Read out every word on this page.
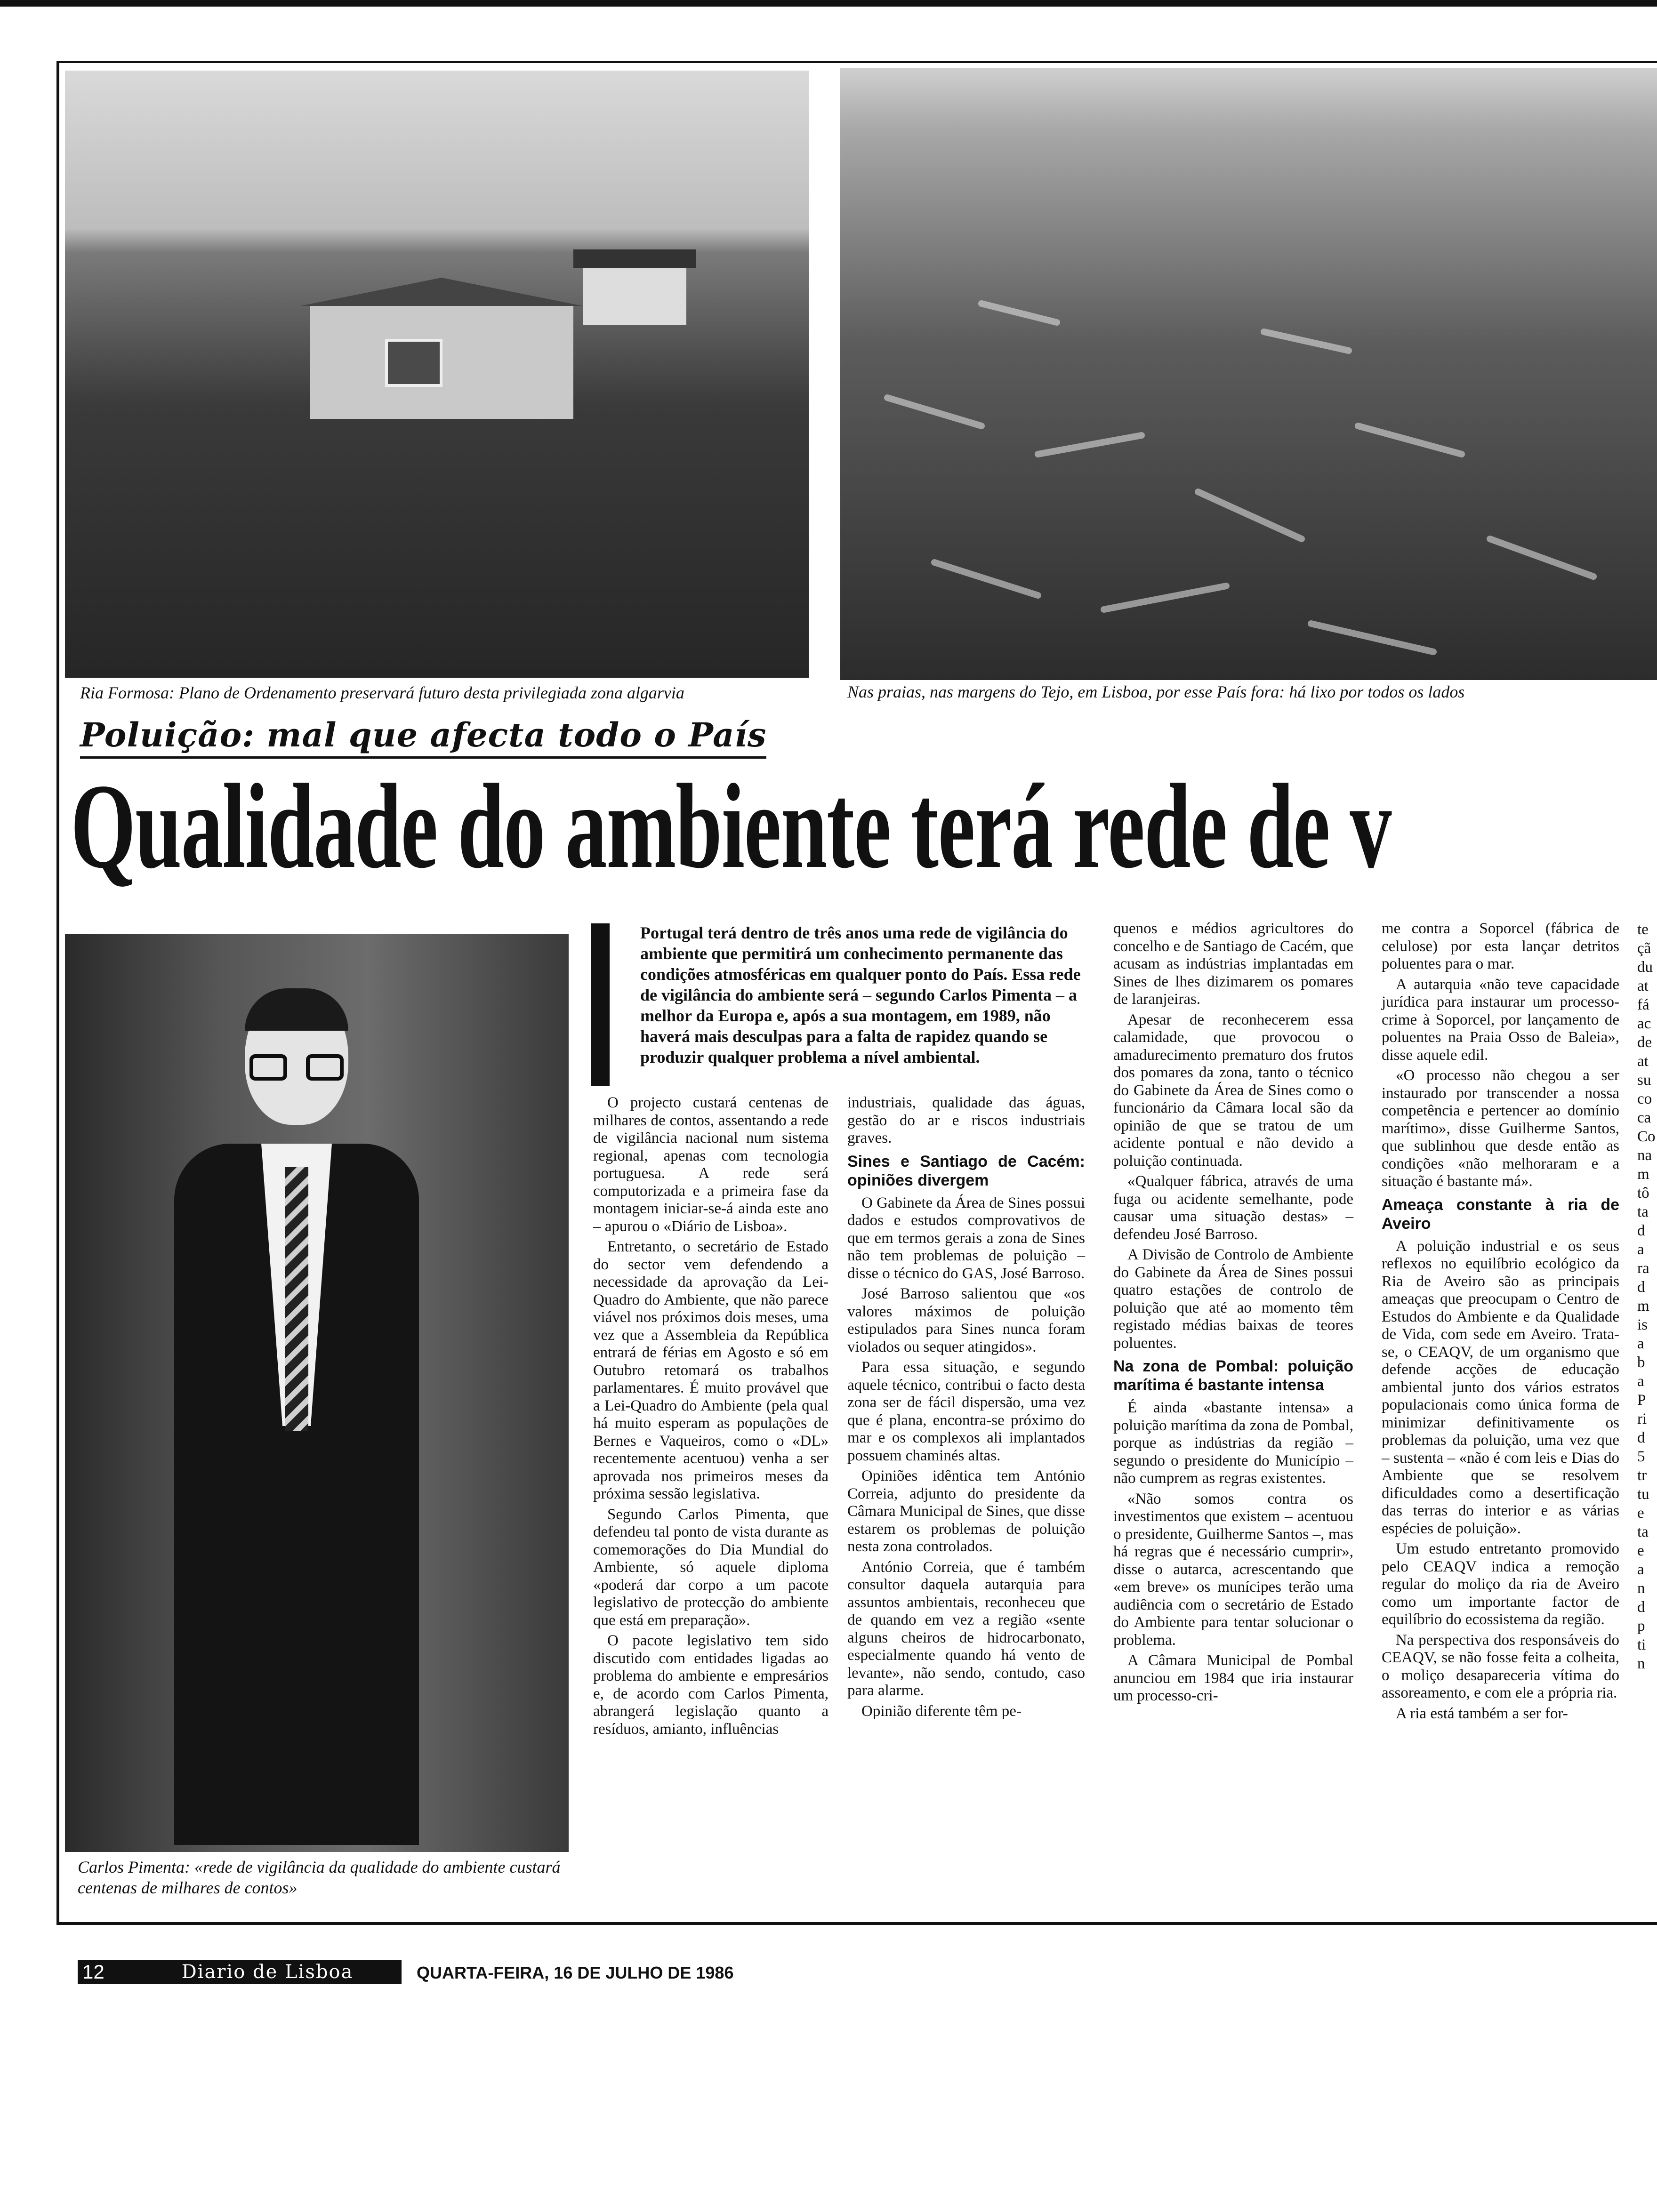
Ria Formosa: Plano de Ordenamento preservará futuro desta privilegiada zona algarvia	Nas praias, nas margens do Tejo, em Lisboa, por esse País fora: há lixo por todos os lados
Poluição: mal que afecta todo o País
Qualidade do ambiente terá rede de v
Carlos Pimenta: «rede de vigilância da qualidade do ambiente custará centenas de milhares de contos»
Portugal terá dentro de três anos uma rede de vigilância do ambiente que permitirá um conhecimento permanente das condições atmosféricas em qualquer ponto do País. Essa rede de vigilância do ambiente será – segundo Carlos Pimenta – a melhor da Europa e, após a sua montagem, em 1989, não haverá mais desculpas para a falta de rapidez quando se produzir qualquer problema a nível ambiental.

O projecto custará centenas de milhares de contos, assentando a rede de vigilância nacional num sistema regional, apenas com tecnologia portuguesa. A rede será computorizada e a primeira fase da montagem iniciar-se-á ainda este ano – apurou o «Diário de Lisboa».

Entretanto, o secretário de Estado do sector vem defendendo a necessidade da aprovação da Lei-Quadro do Ambiente, que não parece viável nos próximos dois meses, uma vez que a Assembleia da República entrará de férias em Agosto e só em Outubro retomará os trabalhos parlamentares. É muito provável que a Lei-Quadro do Ambiente (pela qual há muito esperam as populações de Bernes e Vaqueiros, como o «DL» recentemente acentuou) venha a ser aprovada nos primeiros meses da próxima sessão legislativa.

Segundo Carlos Pimenta, que defendeu tal ponto de vista durante as comemorações do Dia Mundial do Ambiente, só aquele diploma «poderá dar corpo a um pacote legislativo de protecção do ambiente que está em preparação».

O pacote legislativo tem sido discutido com entidades ligadas ao problema do ambiente e empresários e, de acordo com Carlos Pimenta, abrangerá legislação quanto a resíduos, amianto, influências

industriais, qualidade das águas, gestão do ar e riscos industriais graves.

Sines e Santiago de Cacém: opiniões divergem

O Gabinete da Área de Sines possui dados e estudos comprovativos de que em termos gerais a zona de Sines não tem problemas de poluição – disse o técnico do GAS, José Barroso.

José Barroso salientou que «os valores máximos de poluição estipulados para Sines nunca foram violados ou sequer atingidos».

Para essa situação, e segundo aquele técnico, contribui o facto desta zona ser de fácil dispersão, uma vez que é plana, encontra-se próximo do mar e os complexos ali implantados possuem chaminés altas.

Opiniões idêntica tem António Correia, adjunto do presidente da Câmara Municipal de Sines, que disse estarem os problemas de poluição nesta zona controlados.

António Correia, que é também consultor daquela autarquia para assuntos ambientais, reconheceu que de quando em vez a região «sente alguns cheiros de hidrocarbonato, especialmente quando há vento de levante», não sendo, contudo, caso para alarme.

Opinião diferente têm pe-

quenos e médios agricultores do concelho e de Santiago de Cacém, que acusam as indústrias implantadas em Sines de lhes dizimarem os pomares de laranjeiras.

Apesar de reconhecerem essa calamidade, que provocou o amadurecimento prematuro dos frutos dos pomares da zona, tanto o técnico do Gabinete da Área de Sines como o funcionário da Câmara local são da opinião de que se tratou de um acidente pontual e não devido a poluição continuada.

«Qualquer fábrica, através de uma fuga ou acidente semelhante, pode causar uma situação destas» – defendeu José Barroso.

A Divisão de Controlo de Ambiente do Gabinete da Área de Sines possui quatro estações de controlo de poluição que até ao momento têm registado médias baixas de teores poluentes.

Na zona de Pombal: poluição marítima é bastante intensa

É ainda «bastante intensa» a poluição marítima da zona de Pombal, porque as indústrias da região – segundo o presidente do Município – não cumprem as regras existentes.

«Não somos contra os investimentos que existem – acentuou o presidente, Guilherme Santos –, mas há regras que é necessário cumprir», disse o autarca, acrescentando que «em breve» os munícipes terão uma audiência com o secretário de Estado do Ambiente para tentar solucionar o problema.

A Câmara Municipal de Pombal anunciou em 1984 que iria instaurar um processo-cri-

me contra a Soporcel (fábrica de celulose) por esta lançar detritos poluentes para o mar.

A autarquia «não teve capacidade jurídica para instaurar um processo-crime à Soporcel, por lançamento de poluentes na Praia Osso de Baleia», disse aquele edil.

«O processo não chegou a ser instaurado por transcender a nossa competência e pertencer ao domínio marítimo», disse Guilherme Santos, que sublinhou que desde então as condições «não melhoraram e a situação é bastante má».

Ameaça constante à ria de Aveiro

A poluição industrial e os seus reflexos no equilíbrio ecológico da Ria de Aveiro são as principais ameaças que preocupam o Centro de Estudos do Ambiente e da Qualidade de Vida, com sede em Aveiro. Trata-se, o CEAQV, de um organismo que defende acções de educação ambiental junto dos vários estratos populacionais como única forma de minimizar definitivamente os problemas da poluição, uma vez que – sustenta – «não é com leis e Dias do Ambiente que se resolvem dificuldades como a desertificação das terras do interior e as várias espécies de poluição».

Um estudo entretanto promovido pelo CEAQV indica a remoção regular do moliço da ria de Aveiro como um importante factor de equilíbrio do ecossistema da região.

Na perspectiva dos responsáveis do CEAQV, se não fosse feita a colheita, o moliço desapareceria vítima do assoreamento, e com ele a própria ria.

A ria está também a ser for-

te
çã
du
at
fá
ac
de
at
su
co
ca
Co
na
m
tô
ta
d
a
ra
d
m
is
a
b
a
P
ri
d
5
tr
tu
e
ta
e
a
n
d
p
ti
n
12	Diario de Lisboa	QUARTA-FEIRA, 16 DE JULHO DE 1986
